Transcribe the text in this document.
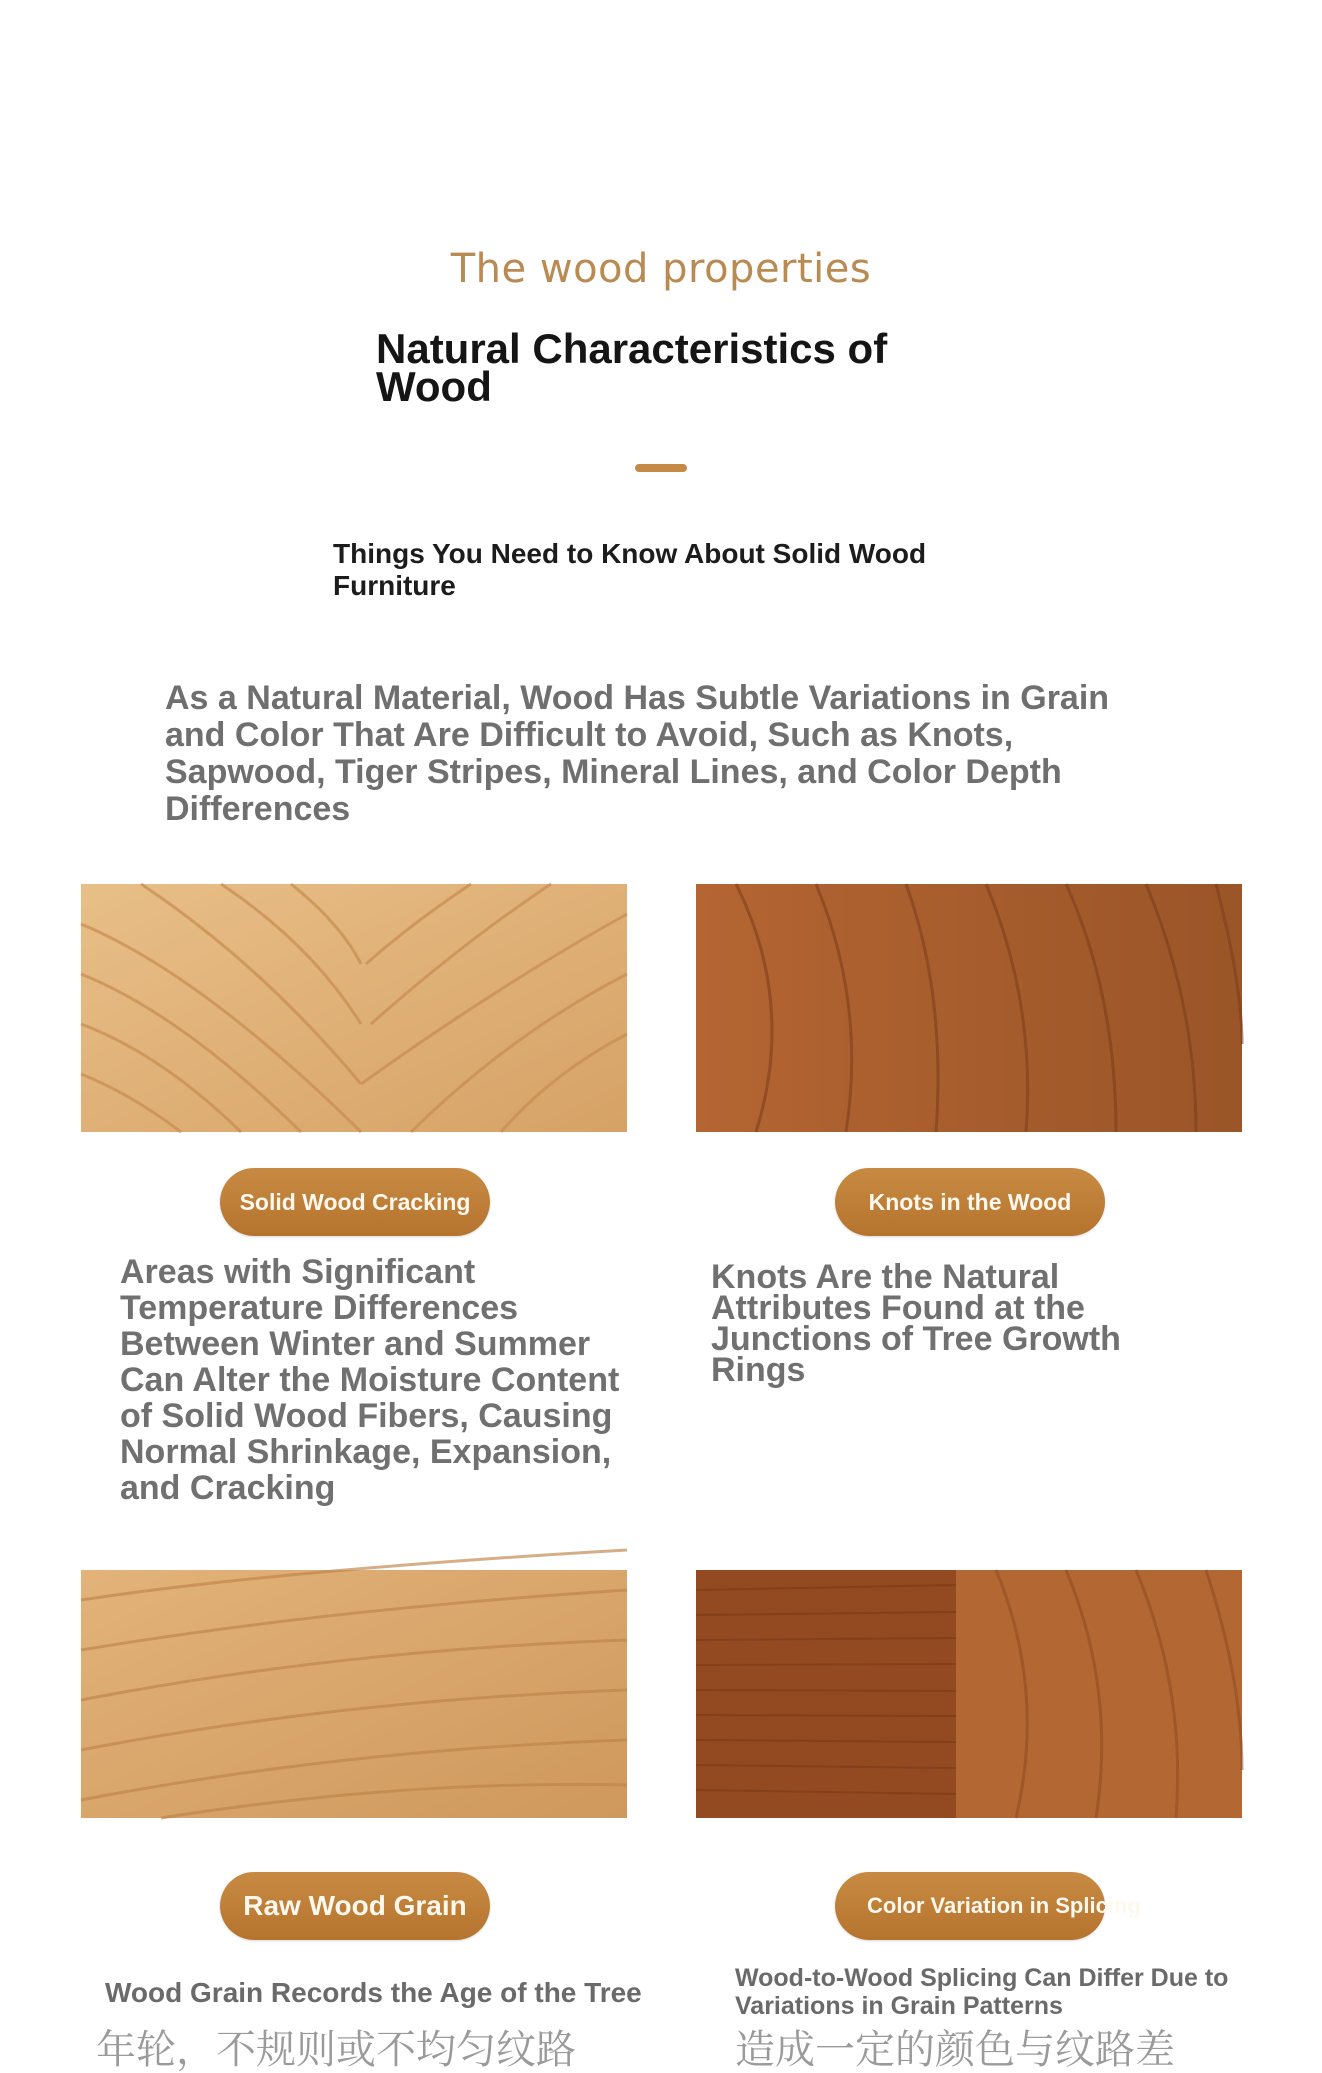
The wood properties
Natural Characteristics of Wood
Things You Need to Know About Solid Wood Furniture
As a Natural Material, Wood Has Subtle Variations in Grain and Color That Are Difficult to Avoid, Such as Knots, Sapwood, Tiger Stripes, Mineral Lines, and Color Depth Differences
Solid Wood Cracking
Areas with Significant Temperature Differences Between Winter and Summer Can Alter the Moisture Content of Solid Wood Fibers, Causing Normal Shrinkage, Expansion, and Cracking
Knots in the Wood
Knots Are the Natural Attributes Found at the Junctions of Tree Growth Rings
Raw Wood Grain
Wood Grain Records the Age of the Tree
年轮，不规则或不均匀纹路
Color Variation in Splicing
Wood-to-Wood Splicing Can Differ Due to Variations in Grain Patterns
造成一定的颜色与纹路差
